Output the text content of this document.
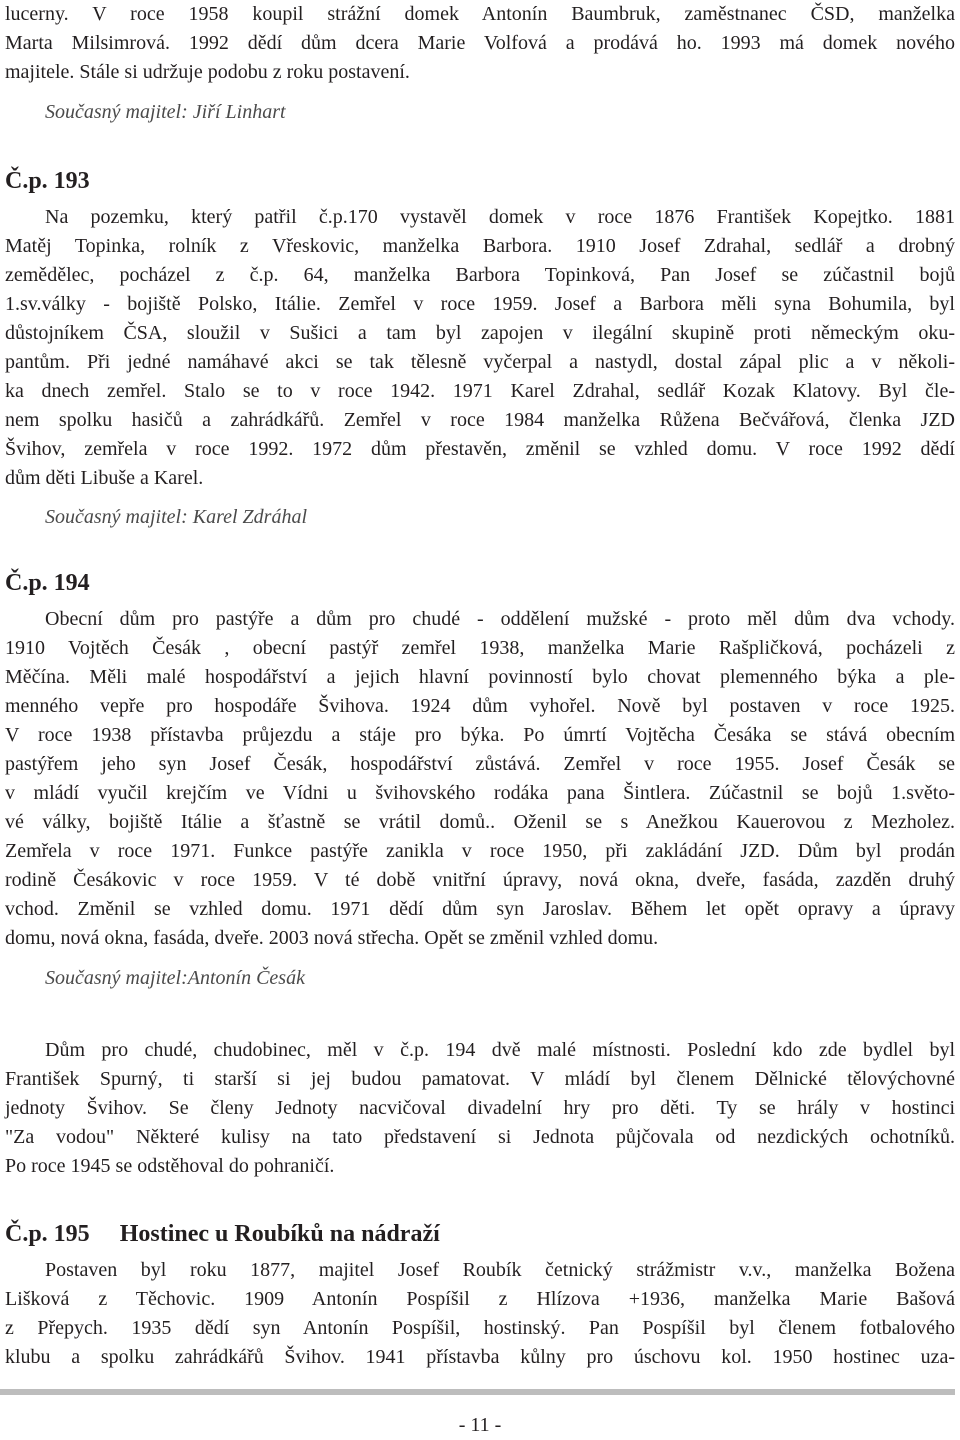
lucerny. V roce 1958 koupil strážní domek Antonín Baumbruk, zaměstnanec ČSD, manželka
Marta Milsimrová. 1992 dědí dům dcera Marie Volfová a prodává ho. 1993 má domek nového
majitele. Stále si udržuje podobu z roku postavení.
Současný majitel: Jiří Linhart
Č.p. 193
Na pozemku, který patřil č.p.170 vystavěl domek v roce 1876 František Kopejtko. 1881
Matěj Topinka, rolník z Vřeskovic, manželka Barbora. 1910 Josef Zdrahal, sedlář a drobný
zemědělec, pocházel z č.p. 64, manželka Barbora Topinková, Pan Josef se zúčastnil bojů
1.sv.války - bojiště Polsko, Itálie. Zemřel v roce 1959. Josef a Barbora měli syna Bohumila, byl
důstojníkem ČSA, sloužil v Sušici a tam byl zapojen v ilegální skupině proti německým oku-
pantům. Při jedné namáhavé akci se tak tělesně vyčerpal a nastydl, dostal zápal plic a v několi-
ka dnech zemřel. Stalo se to v roce 1942. 1971 Karel Zdrahal, sedlář Kozak Klatovy. Byl čle-
nem spolku hasičů a zahrádkářů. Zemřel v roce 1984 manželka Růžena Bečvářová, členka JZD
Švihov, zemřela v roce 1992. 1972 dům přestavěn, změnil se vzhled domu. V roce 1992 dědí
dům děti Libuše a Karel.
Současný majitel: Karel Zdráhal
Č.p. 194
Obecní dům pro pastýře a dům pro chudé - oddělení mužské - proto měl dům dva vchody.
1910 Vojtěch Česák , obecní pastýř zemřel 1938, manželka Marie Rašpličková, pocházeli z
Měčína. Měli malé hospodářství a jejich hlavní povinností bylo chovat plemenného býka a ple-
menného vepře pro hospodáře Švihova. 1924 dům vyhořel. Nově byl postaven v roce 1925.
V roce 1938 přístavba průjezdu a stáje pro býka. Po úmrtí Vojtěcha Česáka se stává obecním
pastýřem jeho syn Josef Česák, hospodářství zůstává. Zemřel v roce 1955. Josef Česák se
v mládí vyučil krejčím ve Vídni u švihovského rodáka pana Šintlera. Zúčastnil se bojů 1.světo-
vé války, bojiště Itálie a šťastně se vrátil domů.. Oženil se s Anežkou Kauerovou z Mezholez.
Zemřela v roce 1971. Funkce pastýře zanikla v roce 1950, při zakládání JZD. Dům byl prodán
rodině Česákovic v roce 1959. V té době vnitřní úpravy, nová okna, dveře, fasáda, zazděn druhý
vchod. Změnil se vzhled domu. 1971 dědí dům syn Jaroslav. Během let opět opravy a úpravy
domu, nová okna, fasáda, dveře. 2003 nová střecha. Opět se změnil vzhled domu.
Současný majitel:Antonín Česák
Dům pro chudé, chudobinec, měl v č.p. 194 dvě malé místnosti. Poslední kdo zde bydlel byl
František Spurný, ti starší si jej budou pamatovat. V mládí byl členem Dělnické tělovýchovné
jednoty Švihov. Se členy Jednoty nacvičoval divadelní hry pro děti. Ty se hrály v hostinci
"Za vodou" Některé kulisy na tato představení si Jednota půjčovala od nezdických ochotníků.
Po roce 1945 se odstěhoval do pohraničí.
Č.p. 195 Hostinec u Roubíků na nádraží
Postaven byl roku 1877, majitel Josef Roubík četnický strážmistr v.v., manželka Božena
Lišková z Těchovic. 1909 Antonín Pospíšil z Hlízova +1936, manželka Marie Bašová
z Přepych. 1935 dědí syn Antonín Pospíšil, hostinský. Pan Pospíšil byl členem fotbalového
klubu a spolku zahrádkářů Švihov. 1941 přístavba kůlny pro úschovu kol. 1950 hostinec uza-
- 11 -
